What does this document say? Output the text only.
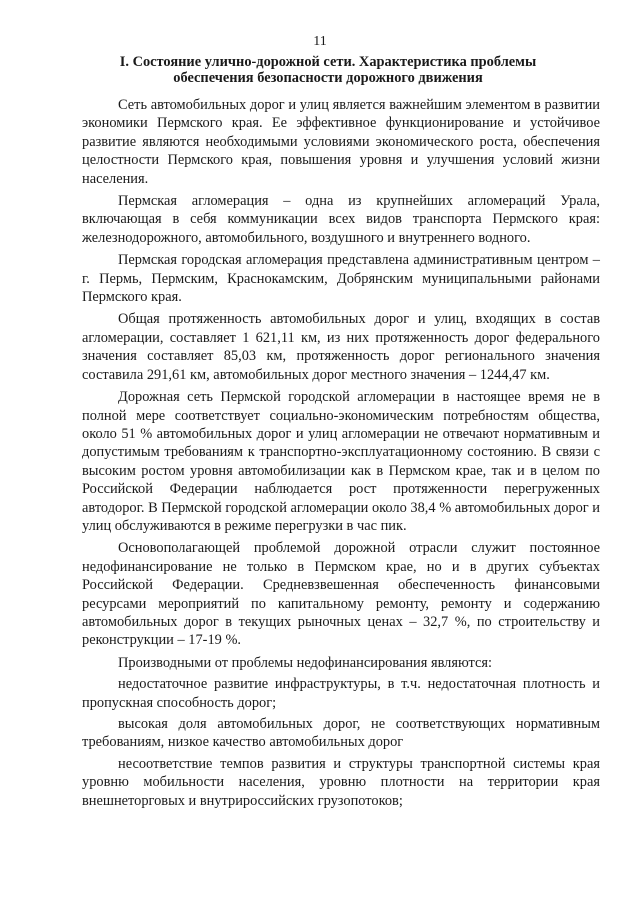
11
I. Состояние улично-дорожной сети. Характеристика проблемы
обеспечения безопасности дорожного движения

Сеть автомобильных дорог и улиц является важнейшим элементом в развитии экономики Пермского края. Ее эффективное функционирование и устойчивое развитие являются необходимыми условиями экономического роста, обеспечения целостности Пермского края, повышения уровня и улучшения условий жизни населения.

Пермская агломерация – одна из крупнейших агломераций Урала, включающая в себя коммуникации всех видов транспорта Пермского края: железнодорожного, автомобильного, воздушного и внутреннего водного.

Пермская городская агломерация представлена административным центром – г. Пермь, Пермским, Краснокамским, Добрянским муниципальными районами Пермского края.

Общая протяженность автомобильных дорог и улиц, входящих в состав агломерации, составляет 1 621,11 км, из них протяженность дорог федерального значения составляет 85,03 км, протяженность дорог регионального значения составила 291,61 км, автомобильных дорог местного значения – 1244,47 км.

Дорожная сеть Пермской городской агломерации в настоящее время не в полной мере соответствует социально-экономическим потребностям общества, около 51 % автомобильных дорог и улиц агломерации не отвечают нормативным и допустимым требованиям к транспортно-эксплуатационному состоянию. В связи с высоким ростом уровня автомобилизации как в Пермском крае, так и в целом по Российской Федерации наблюдается рост протяженности перегруженных автодорог. В Пермской городской агломерации около 38,4 % автомобильных дорог и улиц обслуживаются в режиме перегрузки в час пик.

Основополагающей проблемой дорожной отрасли служит постоянное недофинансирование не только в Пермском крае, но и в других субъектах Российской Федерации. Средневзвешенная обеспеченность финансовыми ресурсами мероприятий по капитальному ремонту, ремонту и содержанию автомобильных дорог в текущих рыночных ценах – 32,7 %, по строительству и реконструкции – 17-19 %.

Производными от проблемы недофинансирования являются:

недостаточное развитие инфраструктуры, в т.ч. недостаточная плотность и пропускная способность дорог;

высокая доля автомобильных дорог, не соответствующих нормативным требованиям, низкое качество автомобильных дорог

несоответствие темпов развития и структуры транспортной системы края уровню мобильности населения, уровню плотности на территории края внешнеторговых и внутрироссийских грузопотоков;
